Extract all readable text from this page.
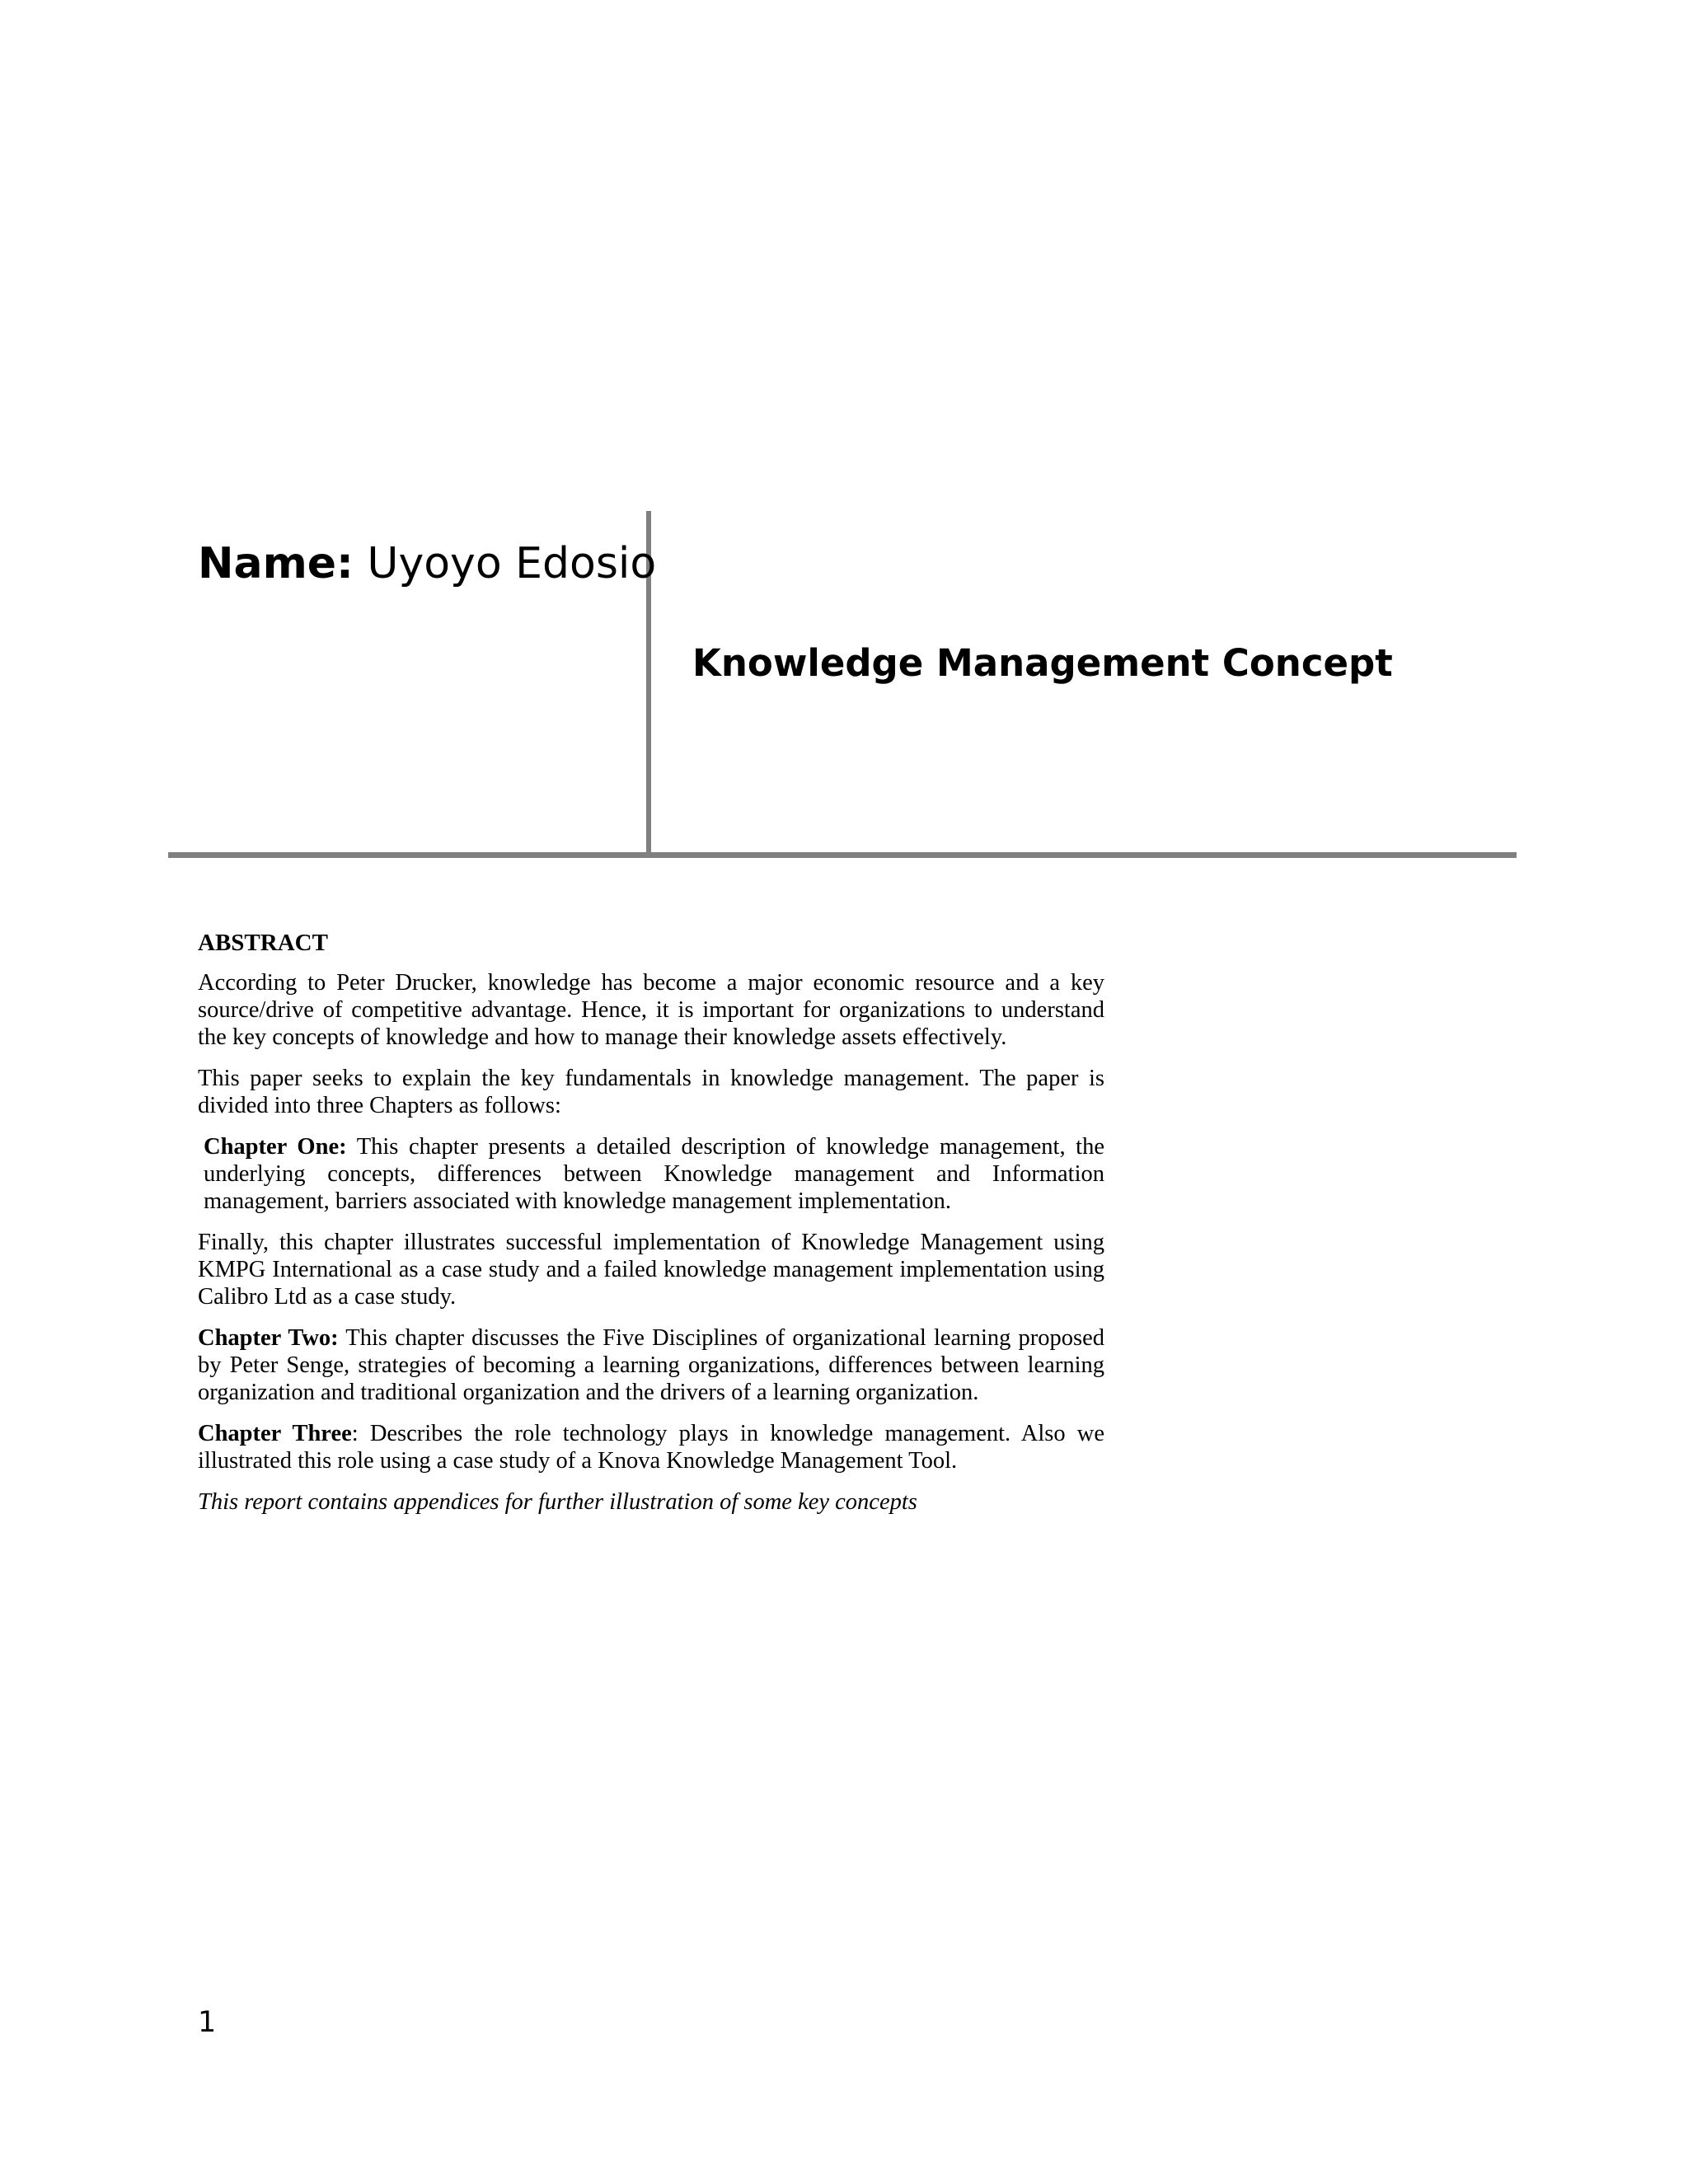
Name: Uyoyo Edosio
Knowledge Management Concept
ABSTRACT

According to Peter Drucker, knowledge has become a major economic resource and a key source/drive of competitive advantage. Hence, it is important for organizations to understand the key concepts of knowledge and how to manage their knowledge assets effectively.

This paper seeks to explain the key fundamentals in knowledge management. The paper is divided into three Chapters as follows:

Chapter One: This chapter presents a detailed description of knowledge management, the underlying concepts, differences between Knowledge management and Information management, barriers associated with knowledge management implementation.

Finally, this chapter illustrates successful implementation of Knowledge Management using KMPG International as a case study and a failed knowledge management implementation using Calibro Ltd as a case study.

Chapter Two: This chapter discusses the Five Disciplines of organizational learning proposed by Peter Senge, strategies of becoming a learning organizations, differences between learning organization and traditional organization and the drivers of a learning organization.

Chapter Three: Describes the role technology plays in knowledge management. Also we illustrated this role using a case study of a Knova Knowledge Management Tool.

This report contains appendices for further illustration of some key concepts

1
